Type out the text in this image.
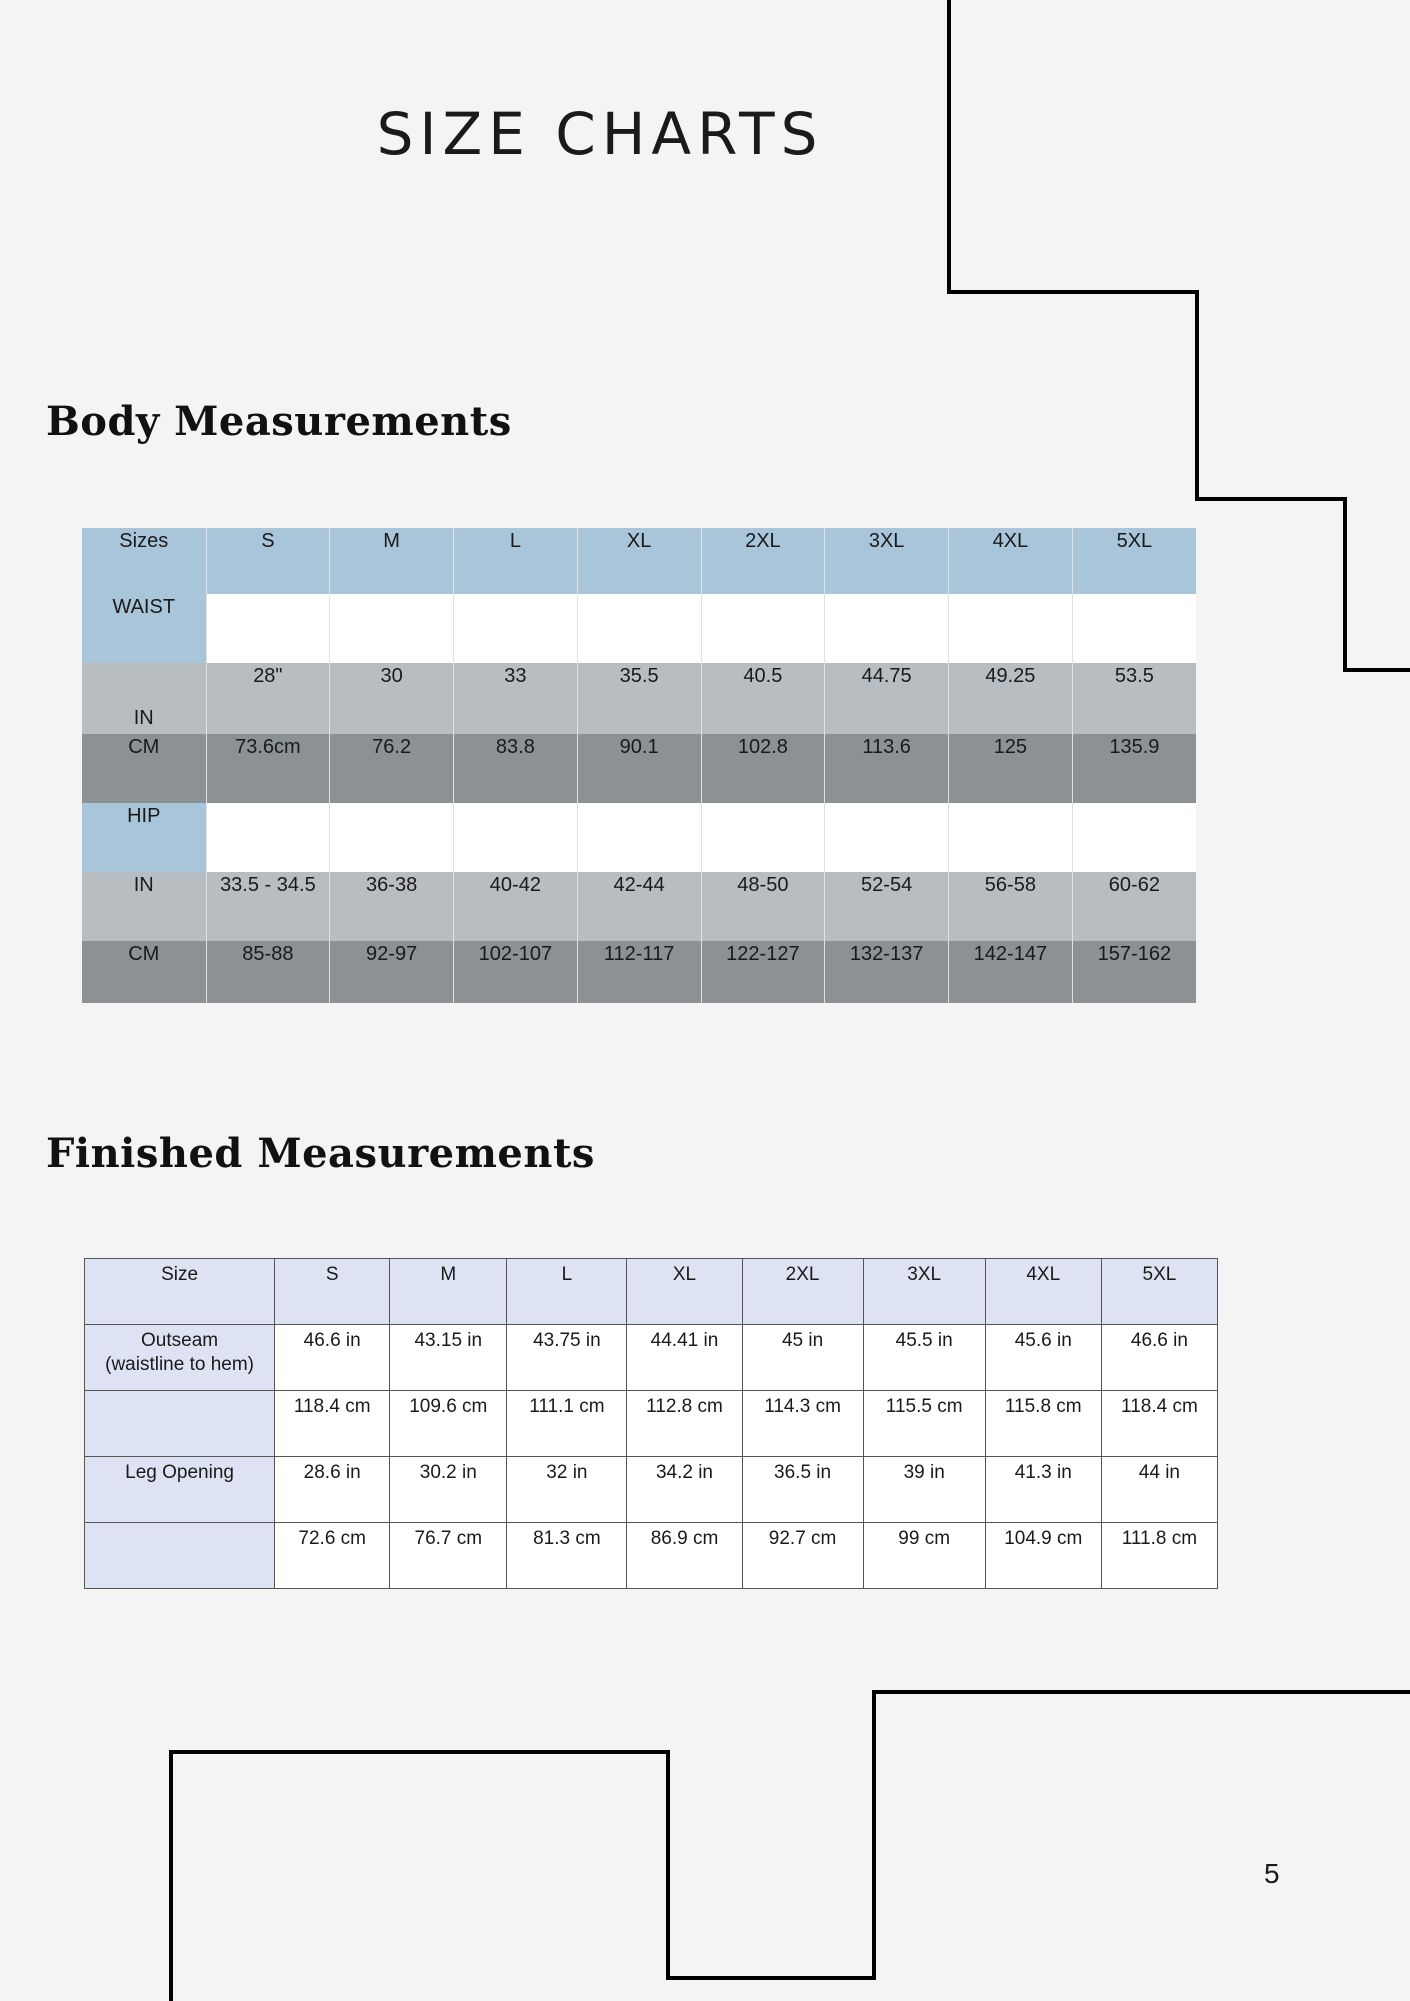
SIZE CHARTS
Body Measurements
Sizes	S	M	L	XL	2XL	3XL	4XL	5XL
WAIST								
IN	28"	30	33	35.5	40.5	44.75	49.25	53.5
CM	73.6cm	76.2	83.8	90.1	102.8	113.6	125	135.9
HIP								
IN	33.5 - 34.5	36-38	40-42	42-44	48-50	52-54	56-58	60-62
CM	85-88	92-97	102-107	112-117	122-127	132-137	142-147	157-162
Finished Measurements
Size	S	M	L	XL	2XL	3XL	4XL	5XL

Outseam
(waistline to hem)	46.6 in	43.15 in	43.75 in	44.41 in	45 in	45.5 in	45.6 in	46.6 in
	118.4 cm	109.6 cm	111.1 cm	112.8 cm	114.3 cm	115.5 cm	115.8 cm	118.4 cm
Leg Opening	28.6 in	30.2 in	32 in	34.2 in	36.5 in	39 in	41.3 in	44 in
	72.6 cm	76.7 cm	81.3 cm	86.9 cm	92.7 cm	99 cm	104.9 cm	111.8 cm
5
